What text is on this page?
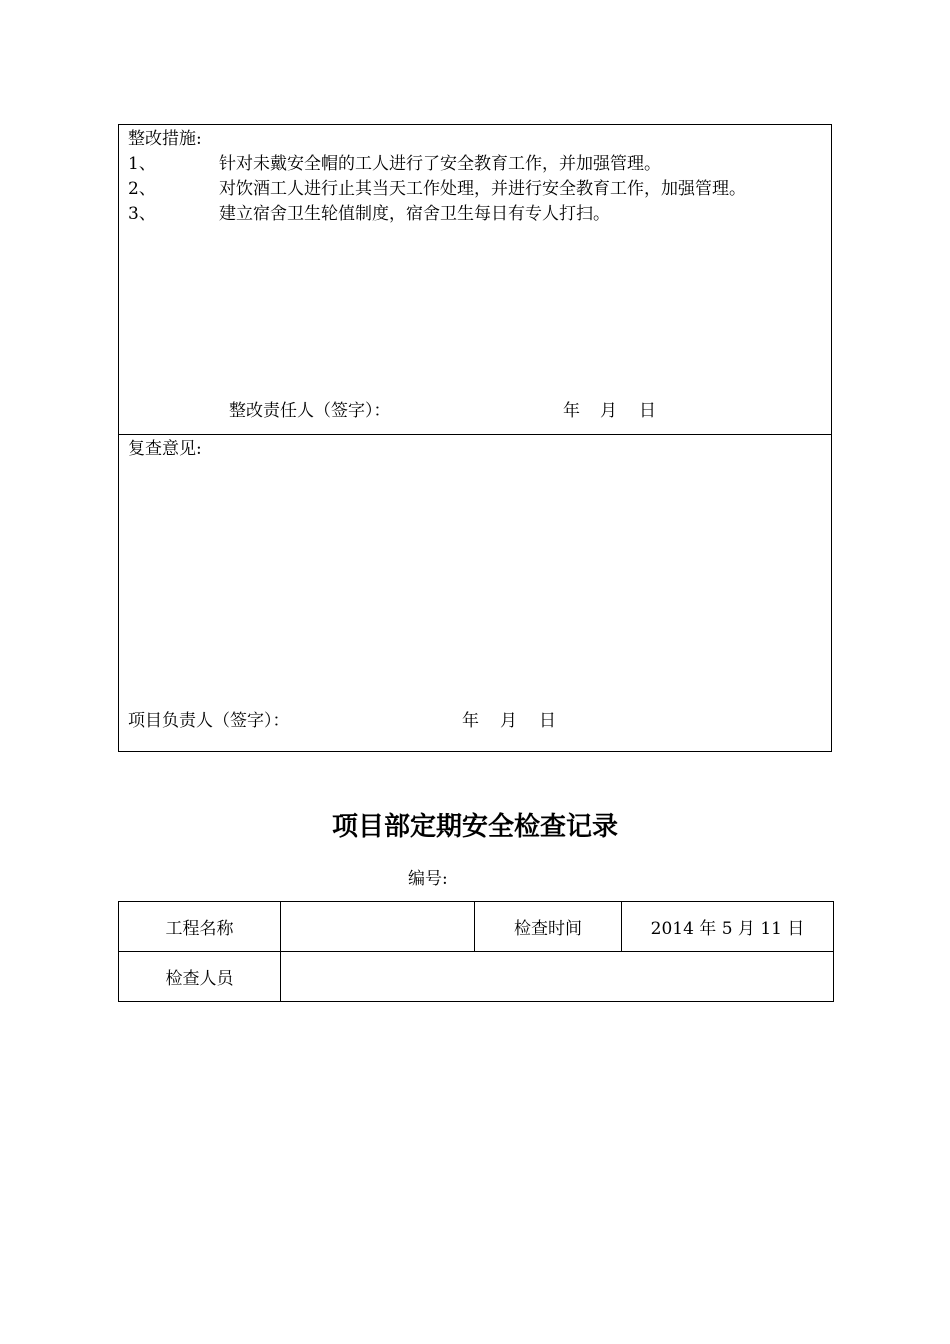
整改措施:
1、	针对未戴安全帽的工人进行了安全教育工作，并加强管理。
2、	对饮酒工人进行止其当天工作处理，并进行安全教育工作，加强管理。
3、	建立宿舍卫生轮值制度，宿舍卫生每日有专人打扫。
整改责任人（签字）：	年 月 日
复查意见:
项目负责人（签字）：	年 月 日
项目部定期安全检查记录
编号:
工程名称		检查时间	2014 年 5 月 11 日
检查人员			
